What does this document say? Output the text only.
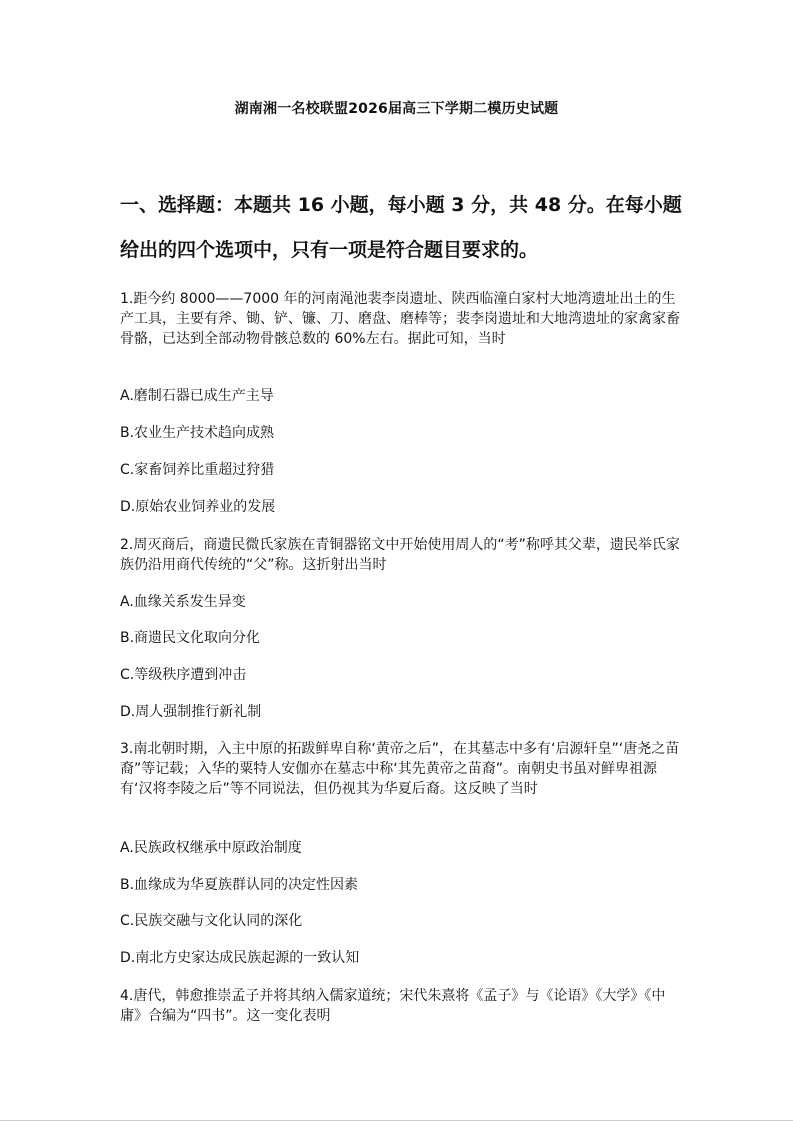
湖南湘一名校联盟2026届高三下学期二模历史试题

一、选择题：本题共 16 小题，每小题 3 分，共 48 分。在每小题给出的四个选项中，只有一项是符合题目要求的。

1.距今约 8000——7000 年的河南渑池裴李岗遗址、陕西临潼白家村大地湾遗址出土的生产工具，主要有斧、锄、铲、镰、刀、磨盘、磨棒等；裴李岗遗址和大地湾遗址的家禽家畜骨骼，已达到全部动物骨骸总数的 60%左右。据此可知，当时

A.磨制石器已成生产主导

B.农业生产技术趋向成熟

C.家畜饲养比重超过狩猎

D.原始农业饲养业的发展

2.周灭商后，商遗民微氏家族在青铜器铭文中开始使用周人的“考”称呼其父辈，遗民举氏家族仍沿用商代传统的“父”称。这折射出当时

A.血缘关系发生异变

B.商遗民文化取向分化

C.等级秩序遭到冲击

D.周人强制推行新礼制

3.南北朝时期，入主中原的拓跋鲜卑自称‘黄帝之后”，在其墓志中多有‘启源轩皇”‘唐尧之苗裔”等记载；入华的粟特人安伽亦在墓志中称‘其先黄帝之苗裔”。南朝史书虽对鲜卑祖源有‘汉将李陵之后”等不同说法，但仍视其为华夏后裔。这反映了当时

A.民族政权继承中原政治制度

B.血缘成为华夏族群认同的决定性因素

C.民族交融与文化认同的深化

D.南北方史家达成民族起源的一致认知

4.唐代，韩愈推崇孟子并将其纳入儒家道统；宋代朱熹将《孟子》与《论语》《大学》《中庸》合编为“四书”。这一变化表明
